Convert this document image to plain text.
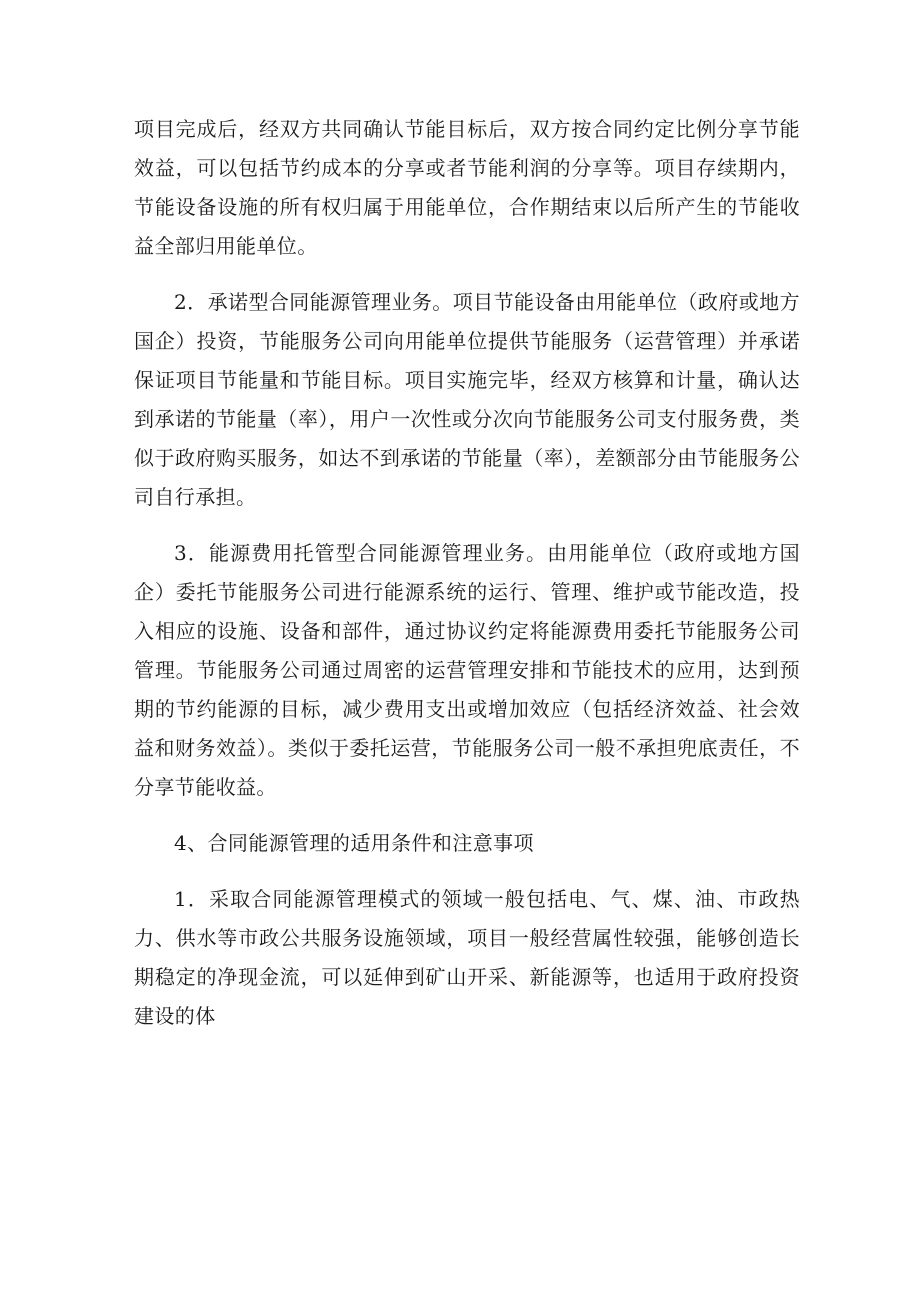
项目完成后，经双方共同确认节能目标后，双方按合同约定比例分享节能效益，可以包括节约成本的分享或者节能利润的分享等。项目存续期内，节能设备设施的所有权归属于用能单位，合作期结束以后所产生的节能收益全部归用能单位。

2．承诺型合同能源管理业务。项目节能设备由用能单位（政府或地方国企）投资，节能服务公司向用能单位提供节能服务（运营管理）并承诺保证项目节能量和节能目标。项目实施完毕，经双方核算和计量，确认达到承诺的节能量（率），用户一次性或分次向节能服务公司支付服务费，类似于政府购买服务，如达不到承诺的节能量（率），差额部分由节能服务公司自行承担。

3．能源费用托管型合同能源管理业务。由用能单位（政府或地方国企）委托节能服务公司进行能源系统的运行、管理、维护或节能改造，投入相应的设施、设备和部件，通过协议约定将能源费用委托节能服务公司管理。节能服务公司通过周密的运营管理安排和节能技术的应用，达到预期的节约能源的目标，减少费用支出或增加效应（包括经济效益、社会效益和财务效益）。类似于委托运营，节能服务公司一般不承担兜底责任，不分享节能收益。

4、合同能源管理的适用条件和注意事项

1．采取合同能源管理模式的领域一般包括电、气、煤、油、市政热力、供水等市政公共服务设施领域，项目一般经营属性较强，能够创造长期稳定的净现金流，可以延伸到矿山开采、新能源等，也适用于政府投资建设的体
